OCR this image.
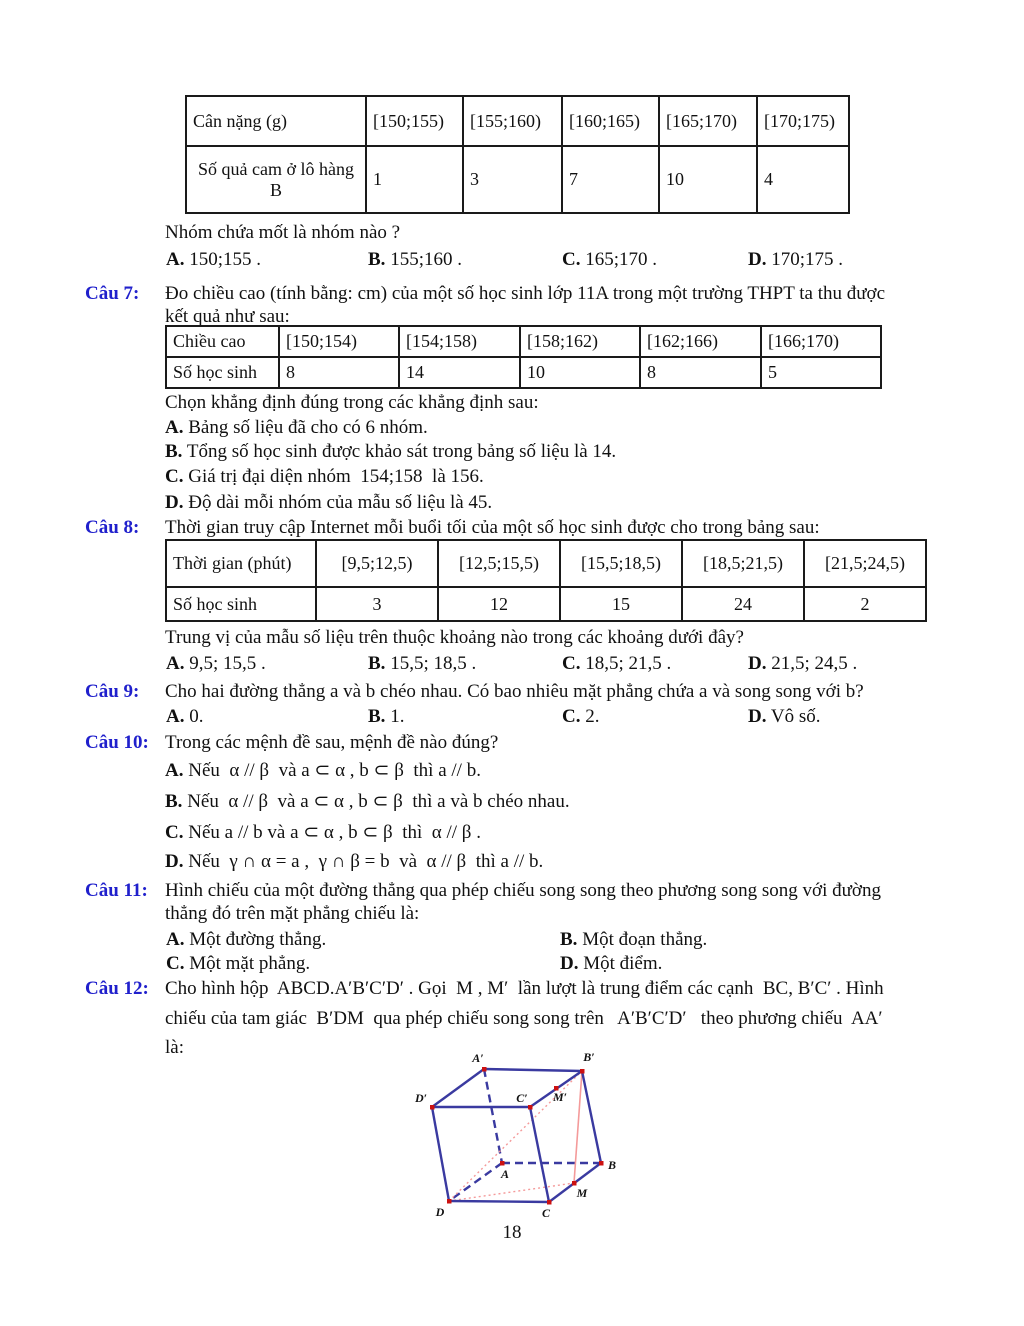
Cân nặng (g)	[150;155)	[155;160)	[160;165)	[165;170)	[170;175)
Số quả cam ở lô hàng B	1	3	7	10	4
Nhóm chứa mốt là nhóm nào ?
A. 150;155 .	B. 155;160 .	C. 165;170 .	D. 170;175 .
Câu 7: Đo chiều cao (tính bằng: cm) của một số học sinh lớp 11A trong một trường THPT ta thu được
kết quả như sau:
Chiều cao	[150;154)	[154;158)	[158;162)	[162;166)	[166;170)
Số học sinh	8	14	10	8	5
Chọn khẳng định đúng trong các khẳng định sau:
A. Bảng số liệu đã cho có 6 nhóm.
B. Tổng số học sinh được khảo sát trong bảng số liệu là 14.
C. Giá trị đại diện nhóm  154;158  là 156.
D. Độ dài mỗi nhóm của mẫu số liệu là 45.
Câu 8: Thời gian truy cập Internet mỗi buổi tối của một số học sinh được cho trong bảng sau:
Thời gian (phút)	[9,5;12,5)	[12,5;15,5)	[15,5;18,5)	[18,5;21,5)	[21,5;24,5)
Số học sinh	3	12	15	24	2
Trung vị của mẫu số liệu trên thuộc khoảng nào trong các khoảng dưới đây?
A. 9,5; 15,5 .	B. 15,5; 18,5 .	C. 18,5; 21,5 .	D. 21,5; 24,5 .
Câu 9: Cho hai đường thẳng a và b chéo nhau. Có bao nhiêu mặt phẳng chứa a và song song với b?
A. 0.	B. 1.	C. 2.	D. Vô số.
Câu 10: Trong các mệnh đề sau, mệnh đề nào đúng?
A. Nếu  α // β  và a ⊂ α , b ⊂ β  thì a // b.
B. Nếu  α // β  và a ⊂ α , b ⊂ β  thì a và b chéo nhau.
C. Nếu a // b và a ⊂ α , b ⊂ β  thì  α // β .
D. Nếu  γ ∩ α = a ,  γ ∩ β = b  và  α // β  thì a // b.
Câu 11: Hình chiếu của một đường thẳng qua phép chiếu song song theo phương song song với đường
thẳng đó trên mặt phẳng chiếu là:
A. Một đường thẳng.	B. Một đoạn thẳng.
C. Một mặt phẳng.	D. Một điểm.
Câu 12: Cho hình hộp  ABCD.A′B′C′D′ . Gọi  M , M′  lần lượt là trung điểm các cạnh  BC, B′C′ . Hình
chiếu của tam giác  B′DM  qua phép chiếu song song trên   A′B′C′D′   theo phương chiếu  AA′
là:	A′	B′
C′
D′	M′
A
B
C
D
M
18
